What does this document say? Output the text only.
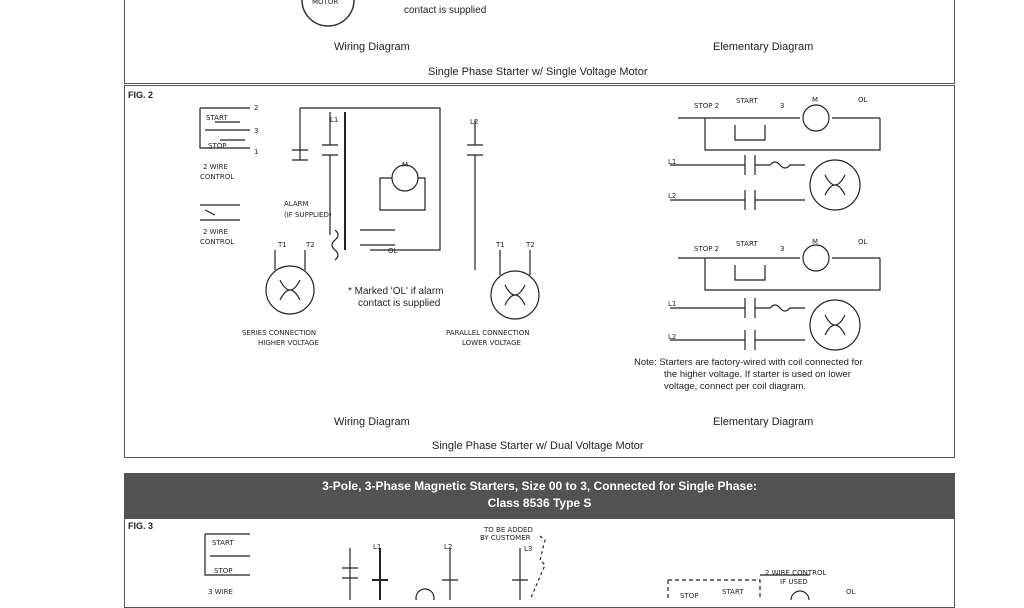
MOTOR
contact is supplied
Wiring Diagram	Elementary Diagram
Single Phase Starter w/ Single Voltage Motor
FIG. 2
START
STOP
2
3
1
2 WIRE
CONTROL
2 WIRE
CONTROL
ALARM
(IF SUPPLIED)
L1	L2
M
OL
T1	T2	T1	T2
* Marked 'OL' if alarm
contact is supplied
SERIES CONNECTION
HIGHER VOLTAGE
PARALLEL CONNECTION
LOWER VOLTAGE
STOP 2
START
3
M	OL
L1
L2
STOP 2
START
3
M	OL
L1
L2
Note: Starters are factory-wired with coil connected for
the higher voltage. If starter is used on lower
voltage, connect per coil diagram.
Wiring Diagram	Elementary Diagram
Single Phase Starter w/ Dual Voltage Motor
3-Pole, 3-Phase Magnetic Starters, Size 00 to 3, Connected for Single Phase:
Class 8536 Type S
FIG. 3
START
STOP
3 WIRE
TO BE ADDED
BY CUSTOMER
L1	L2	L3
2 WIRE CONTROL
IF USED
OL
STOP	START
